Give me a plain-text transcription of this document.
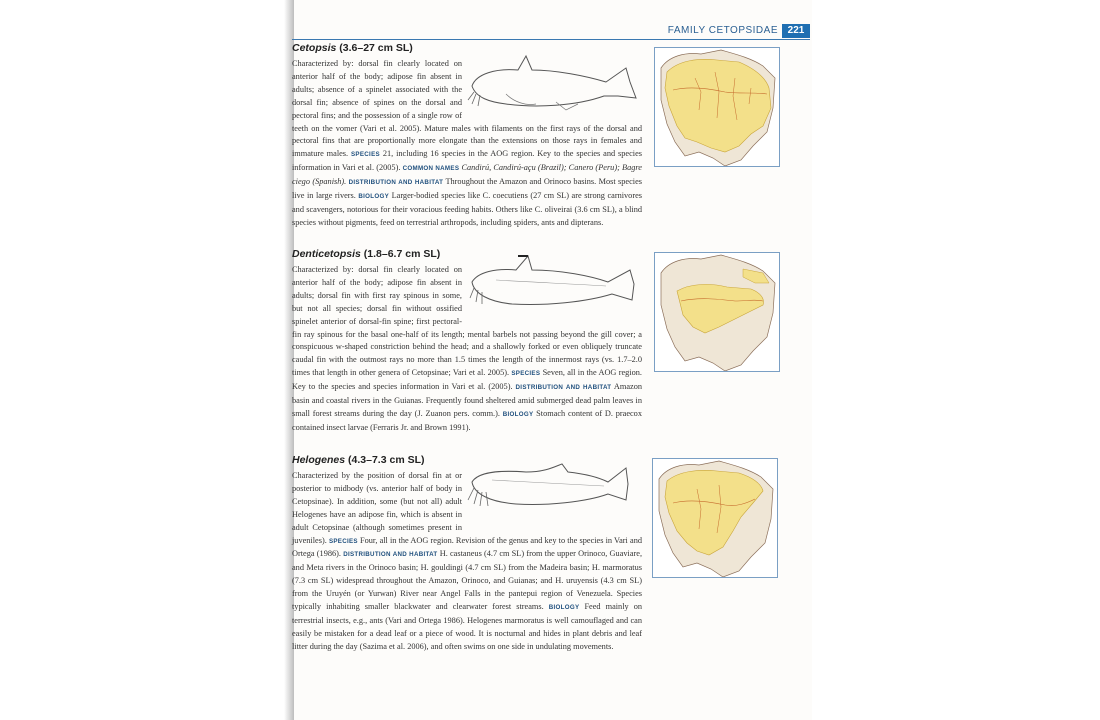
FAMILY CETOPSIDAE 221
Cetopsis (3.6–27 cm SL)

Characterized by: dorsal fin clearly located on anterior half of the body; adipose fin absent in adults; absence of a spinelet associated with the dorsal fin; absence of spines on the dorsal and pectoral fins; and the possession of a single row of teeth on the vomer (Vari et al. 2005). Mature males with filaments on the first rays of the dorsal and pectoral fins that are proportionally more elongate than the extensions on those rays in females and immature males. SPECIES 21, including 16 species in the AOG region. Key to the species and species information in Vari et al. (2005). COMMON NAMES Candirú, Candirú-açu (Brazil); Canero (Peru); Bagre ciego (Spanish). DISTRIBUTION AND HABITAT Throughout the Amazon and Orinoco basins. Most species live in large rivers. BIOLOGY Larger-bodied species like C. coecutiens (27 cm SL) are strong carnivores and scavengers, notorious for their voracious feeding habits. Others like C. oliveirai (3.6 cm SL), a blind species without pigments, feed on terrestrial arthropods, including spiders, ants and dipterans.

Denticetopsis (1.8–6.7 cm SL)

Characterized by: dorsal fin clearly located on anterior half of the body; adipose fin absent in adults; dorsal fin with first ray spinous in some, but not all species; dorsal fin without ossified spinelet anterior of dorsal-fin spine; first pectoral-fin ray spinous for the basal one-half of its length; mental barbels not passing beyond the gill cover; a conspicuous w-shaped constriction behind the head; and a shallowly forked or even obliquely truncate caudal fin with the outmost rays no more than 1.5 times the length of the innermost rays (vs. 1.7–2.0 times that length in other genera of Cetopsinae; Vari et al. 2005). SPECIES Seven, all in the AOG region. Key to the species and species information in Vari et al. (2005). DISTRIBUTION AND HABITAT Amazon basin and coastal rivers in the Guianas. Frequently found sheltered amid submerged dead palm leaves in small forest streams during the day (J. Zuanon pers. comm.). BIOLOGY Stomach content of D. praecox contained insect larvae (Ferraris Jr. and Brown 1991).

Helogenes (4.3–7.3 cm SL)

Characterized by the position of dorsal fin at or posterior to midbody (vs. anterior half of body in Cetopsinae). In addition, some (but not all) adult Helogenes have an adipose fin, which is absent in adult Cetopsinae (although sometimes present in juveniles). SPECIES Four, all in the AOG region. Revision of the genus and key to the species in Vari and Ortega (1986). DISTRIBUTION AND HABITAT H. castaneus (4.7 cm SL) from the upper Orinoco, Guaviare, and Meta rivers in the Orinoco basin; H. gouldingi (4.7 cm SL) from the Madeira basin; H. marmoratus (7.3 cm SL) widespread throughout the Amazon, Orinoco, and Guianas; and H. uruyensis (4.3 cm SL) from the Uruyén (or Yurwan) River near Angel Falls in the pantepui region of Venezuela. Species typically inhabiting smaller blackwater and clearwater forest streams. BIOLOGY Feed mainly on terrestrial insects, e.g., ants (Vari and Ortega 1986). Helogenes marmoratus is well camouflaged and can easily be mistaken for a dead leaf or a piece of wood. It is nocturnal and hides in plant debris and leaf litter during the day (Sazima et al. 2006), and often swims on one side in undulating movements.
